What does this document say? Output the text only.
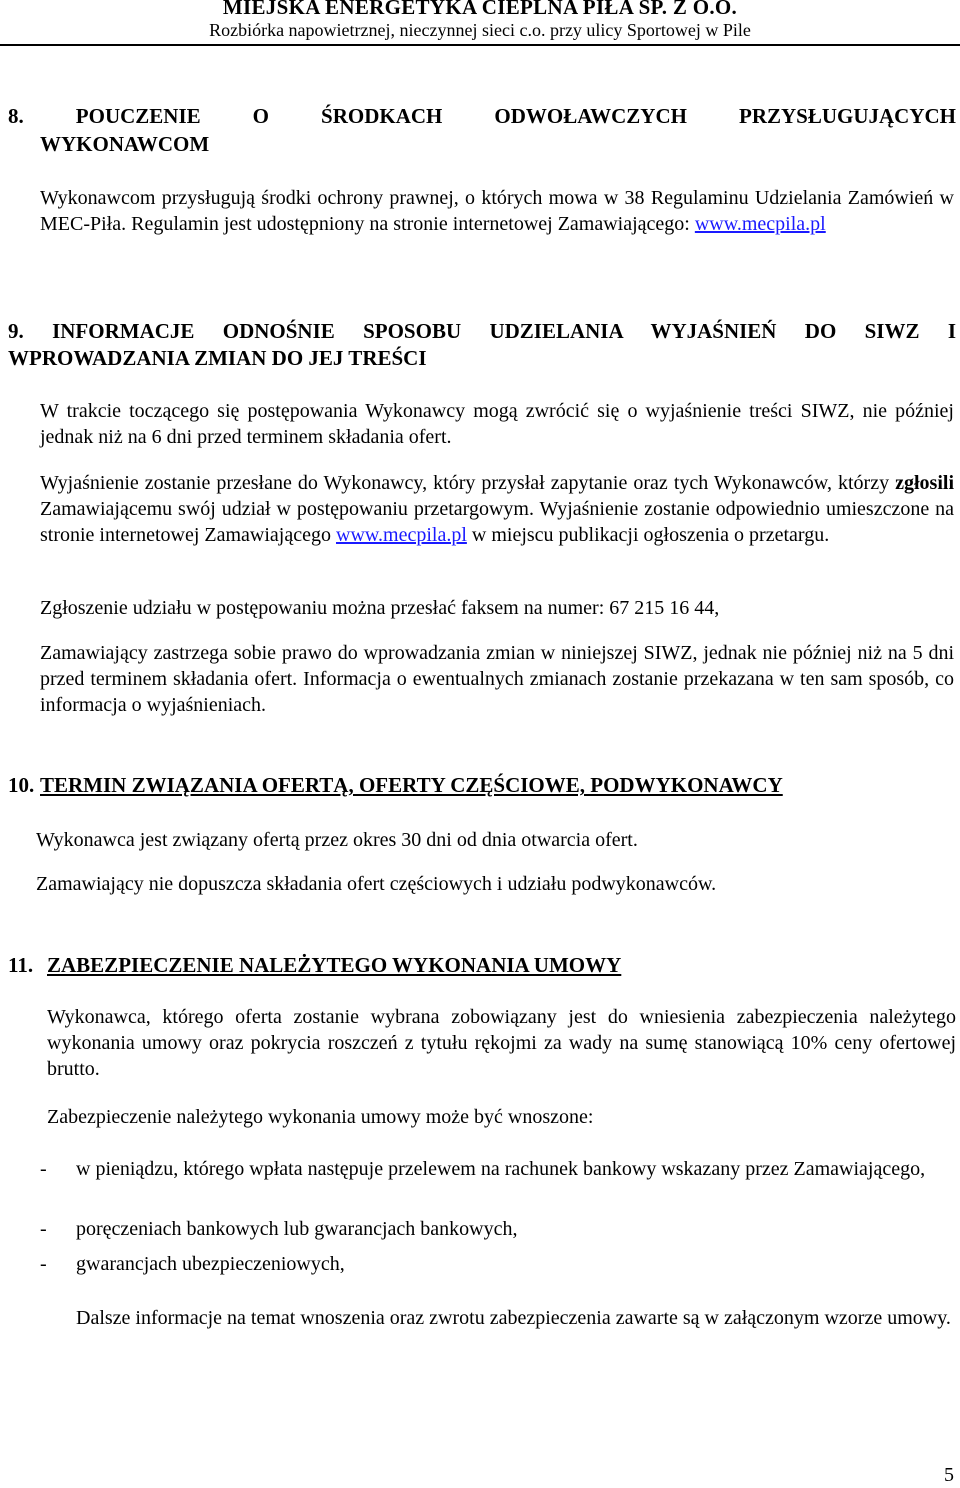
MIEJSKA ENERGETYKA CIEPLNA PIŁA SP. Z O.O.
Rozbiórka napowietrznej, nieczynnej sieci c.o. przy ulicy Sportowej w Pile
8. POUCZENIE O ŚRODKACH ODWOŁAWCZYCH PRZYSŁUGUJĄCYCH
WYKONAWCOM
Wykonawcom przysługują środki ochrony prawnej, o których mowa w 38 Regulaminu Udzielania Zamówień w MEC-Piła. Regulamin jest udostępniony na stronie internetowej Zamawiającego: www.mecpila.pl
9. INFORMACJE ODNOŚNIE SPOSOBU UDZIELANIA WYJAŚNIEŃ DO SIWZ I WPROWADZANIA ZMIAN DO JEJ TREŚCI
W trakcie toczącego się postępowania Wykonawcy mogą zwrócić się o wyjaśnienie treści SIWZ, nie później jednak niż na 6 dni przed terminem składania ofert.
Wyjaśnienie zostanie przesłane do Wykonawcy, który przysłał zapytanie oraz tych Wykonawców, którzy zgłosili Zamawiającemu swój udział w postępowaniu przetargowym. Wyjaśnienie zostanie odpowiednio umieszczone na stronie internetowej Zamawiającego www.mecpila.pl w miejscu publikacji ogłoszenia o przetargu.
Zgłoszenie udziału w postępowaniu można przesłać faksem na numer: 67 215 16 44,
Zamawiający zastrzega sobie prawo do wprowadzania zmian w niniejszej SIWZ, jednak nie później niż na 5 dni przed terminem składania ofert. Informacja o ewentualnych zmianach zostanie przekazana w ten sam sposób, co informacja o wyjaśnieniach.
10. TERMIN ZWIĄZANIA OFERTĄ, OFERTY CZĘŚCIOWE, PODWYKONAWCY
Wykonawca jest związany ofertą przez okres 30 dni od dnia otwarcia ofert.
Zamawiający nie dopuszcza składania ofert częściowych i udziału podwykonawców.
11. ZABEZPIECZENIE NALEŻYTEGO WYKONANIA UMOWY
Wykonawca, którego oferta zostanie wybrana zobowiązany jest do wniesienia zabezpieczenia należytego wykonania umowy oraz pokrycia roszczeń z tytułu rękojmi za wady na sumę stanowiącą 10% ceny ofertowej brutto.
Zabezpieczenie należytego wykonania umowy może być wnoszone:
- w pieniądzu, którego wpłata następuje przelewem na rachunek bankowy wskazany przez Zamawiającego,
- poręczeniach bankowych lub gwarancjach bankowych,
- gwarancjach ubezpieczeniowych,
Dalsze informacje na temat wnoszenia oraz zwrotu zabezpieczenia zawarte są w załączonym wzorze umowy.
5
